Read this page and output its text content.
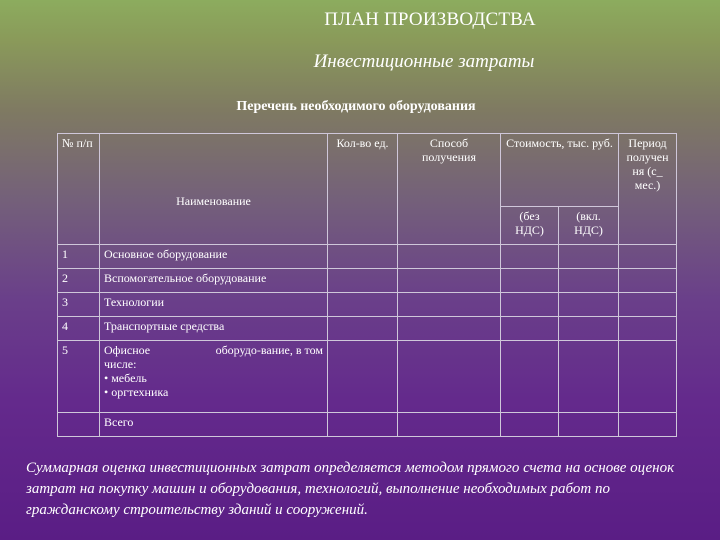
ПЛАН ПРОИЗВОДСТВА
Инвестиционные затраты
Перечень необходимого оборудования
№ п/п	Наименование	Кол-во ед.	Способ получения	Стоимость, тыс. руб.		Период получен ня (с_ мес.)
				(без НДС)	(вкл. НДС)	
1	Основное оборудование					
2	Вспомогательное оборудование					
3	Технологии					
4	Транспортные средства					
5	Офисное оборудо-вание, в том
числе:
• мебель
• оргтехника					

	Всего					
Суммарная оценка инвестиционных затрат определяется методом прямого счета на основе оценок затрат на покупку машин и оборудования, технологий, выполнение необходимых работ по гражданскому строительству зданий и сооружений.
